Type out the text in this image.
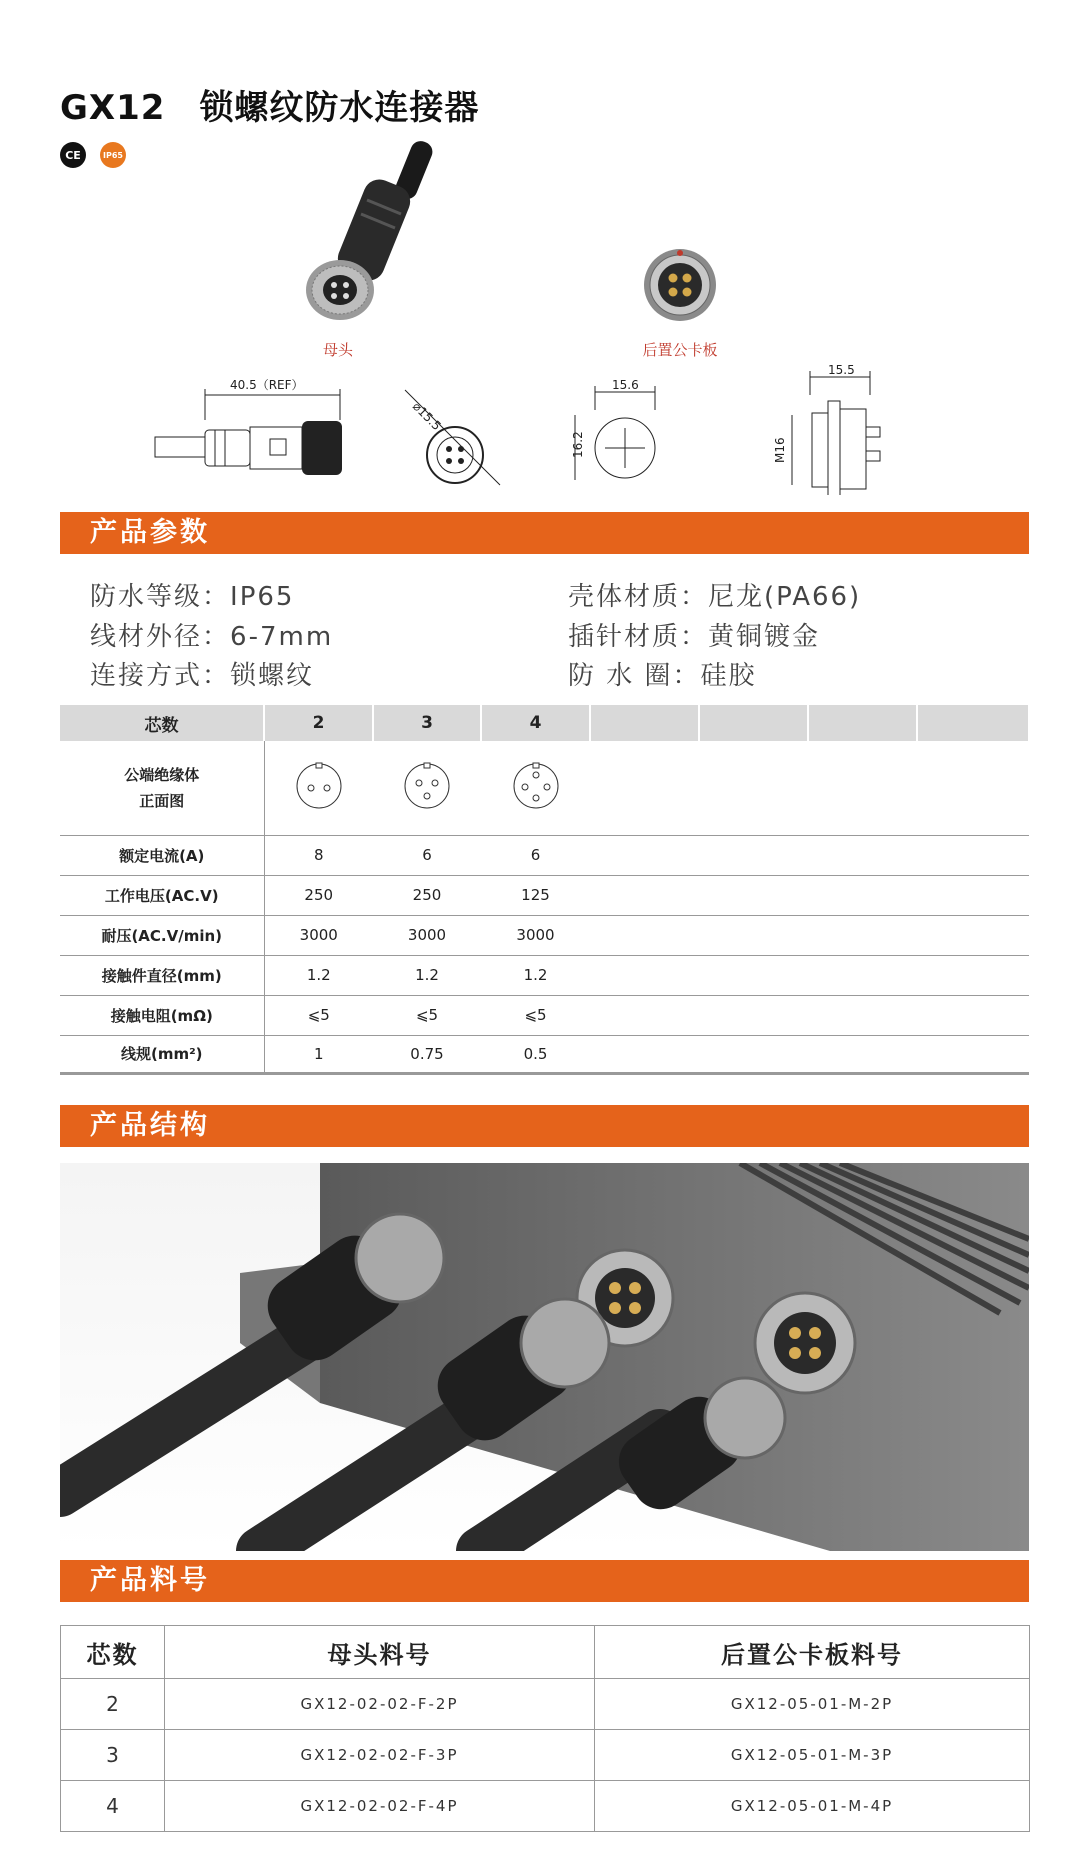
GX12 锁螺纹防水连接器
CE	IP65
母头	后置公卡板
40.5（REF）
⌀15.5
15.6
16.2
15.5
M16
产品参数
防水等级：IP65	壳体材质：尼龙(PA66)
线材外径：6-7mm	插针材质：黄铜镀金
连接方式：锁螺纹	防 水 圈：硅胶
芯数	2	3	4				
公端绝缘体
正面图							
额定电流(A)	8	6	6				
工作电压(AC.V)	250	250	125				
耐压(AC.V/min)	3000	3000	3000				
接触件直径(mm)	1.2	1.2	1.2				
接触电阻(mΩ)	⩽5	⩽5	⩽5				
线规(mm²)	1	0.75	0.5				
产品结构
产品料号
芯数	母头料号	后置公卡板料号
2	GX12-02-02-F-2P	GX12-05-01-M-2P
3	GX12-02-02-F-3P	GX12-05-01-M-3P
4	GX12-02-02-F-4P	GX12-05-01-M-4P
